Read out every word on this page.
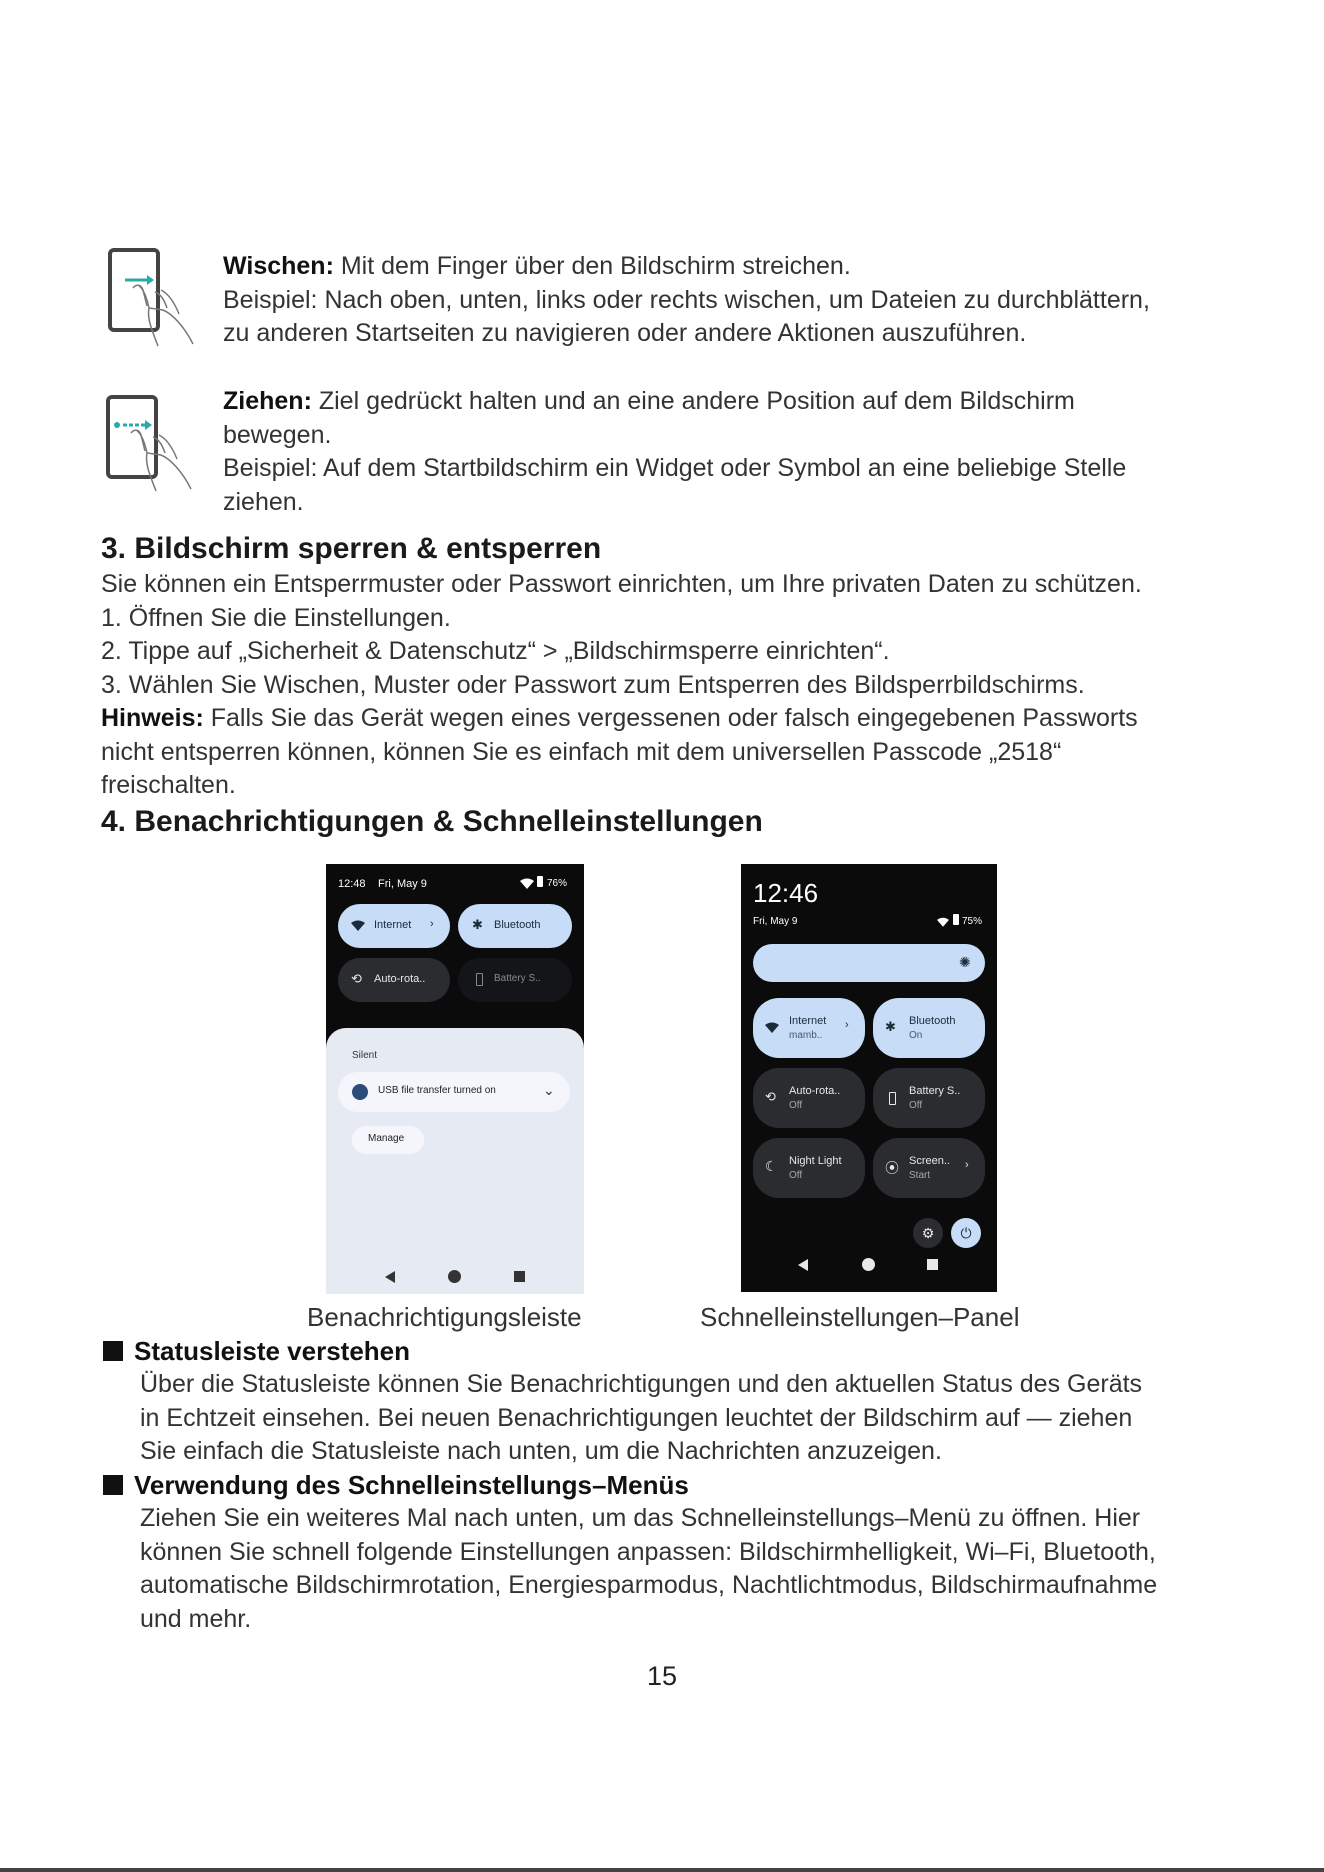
Wischen: Mit dem Finger über den Bildschirm streichen.
Beispiel: Nach oben, unten, links oder rechts wischen, um Dateien zu durchblättern,
zu anderen Startseiten zu navigieren oder andere Aktionen auszuführen.
Ziehen: Ziel gedrückt halten und an eine andere Position auf dem Bildschirm
bewegen.
Beispiel: Auf dem Startbildschirm ein Widget oder Symbol an eine beliebige Stelle
ziehen.
3. Bildschirm sperren & entsperren
Sie können ein Entsperrmuster oder Passwort einrichten, um Ihre privaten Daten zu schützen.
1. Öffnen Sie die Einstellungen.
2. Tippe auf „Sicherheit & Datenschutz“ > „Bildschirmsperre einrichten“.
3. Wählen Sie Wischen, Muster oder Passwort zum Entsperren des Bildsperrbildschirms.
Hinweis: Falls Sie das Gerät wegen eines vergessenen oder falsch eingegebenen Passworts
nicht entsperren können, können Sie es einfach mit dem universellen Passcode „2518“
freischalten.
4. Benachrichtigungen & Schnelleinstellungen
12:48 Fri, May 9	76%
Internet ›	✱ Bluetooth
⟲ Auto-rota..	Battery S..
Silent
USB file transfer turned on	⌄
Manage
Benachrichtigungsleiste
12:46
Fri, May 9	75%
✺
Internet
mamb..
›	✱ Bluetooth
On
⟲ Auto-rota..
Off
Battery S..
Off
☾ Night Light
Off	⦿ Screen..
Start
›
⚙	⏻
Schnelleinstellungen–Panel
Statusleiste verstehen
Über die Statusleiste können Sie Benachrichtigungen und den aktuellen Status des Geräts
in Echtzeit einsehen. Bei neuen Benachrichtigungen leuchtet der Bildschirm auf — ziehen
Sie einfach die Statusleiste nach unten, um die Nachrichten anzuzeigen.
Verwendung des Schnelleinstellungs–Menüs
Ziehen Sie ein weiteres Mal nach unten, um das Schnelleinstellungs–Menü zu öffnen. Hier
können Sie schnell folgende Einstellungen anpassen: Bildschirmhelligkeit, Wi–Fi, Bluetooth,
automatische Bildschirmrotation, Energiesparmodus, Nachtlichtmodus, Bildschirmaufnahme
und mehr.
15
